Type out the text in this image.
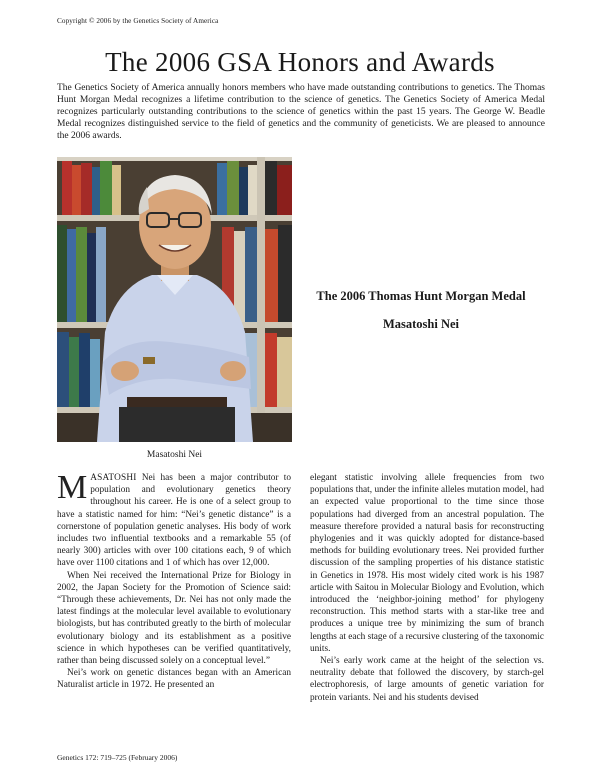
Copyright © 2006 by the Genetics Society of America
The 2006 GSA Honors and Awards
The Genetics Society of America annually honors members who have made outstanding contributions to genetics. The Thomas Hunt Morgan Medal recognizes a lifetime contribution to the science of genetics. The Genetics Society of America Medal recognizes particularly outstanding contributions to the science of genetics within the past 15 years. The George W. Beadle Medal recognizes distinguished service to the field of genetics and the community of geneticists. We are pleased to announce the 2006 awards.
Masatoshi Nei
The 2006 Thomas Hunt Morgan Medal
Masatoshi Nei

MASATOSHI Nei has been a major contributor to population and evolutionary genetics theory throughout his career. He is one of a select group to have a statistic named for him: “Nei’s genetic distance” is a cornerstone of population genetic analyses. His body of work includes two influential textbooks and a remarkable 55 (of nearly 300) articles with over 100 citations each, 9 of which have over 1100 citations and 1 of which has over 12,000.

When Nei received the International Prize for Biology in 2002, the Japan Society for the Promotion of Science said: “Through these achievements, Dr. Nei has not only made the latest findings at the molecular level available to evolutionary biologists, but has contributed greatly to the birth of molecular evolutionary biology and its establishment as a positive science in which hypotheses can be verified quantitatively, rather than being discussed solely on a conceptual level.”

Nei’s work on genetic distances began with an American Naturalist article in 1972. He presented an

elegant statistic involving allele frequencies from two populations that, under the infinite alleles mutation model, had an expected value proportional to the time since those populations had diverged from an ancestral population. The measure therefore provided a natural basis for reconstructing phylogenies and it was quickly adopted for distance-based methods for building evolutionary trees. Nei provided further discussion of the sampling properties of his distance statistic in Genetics in 1978. His most widely cited work is his 1987 article with Saitou in Molecular Biology and Evolution, which introduced the ‘neighbor-joining method’ for phylogeny reconstruction. This method starts with a star-like tree and produces a unique tree by minimizing the sum of branch lengths at each stage of a recursive clustering of the taxonomic units.

Nei’s early work came at the height of the selection vs. neutrality debate that followed the discovery, by starch-gel electrophoresis, of large amounts of genetic variation for protein variants. Nei and his students devised

Genetics 172: 719–725 (February 2006)
